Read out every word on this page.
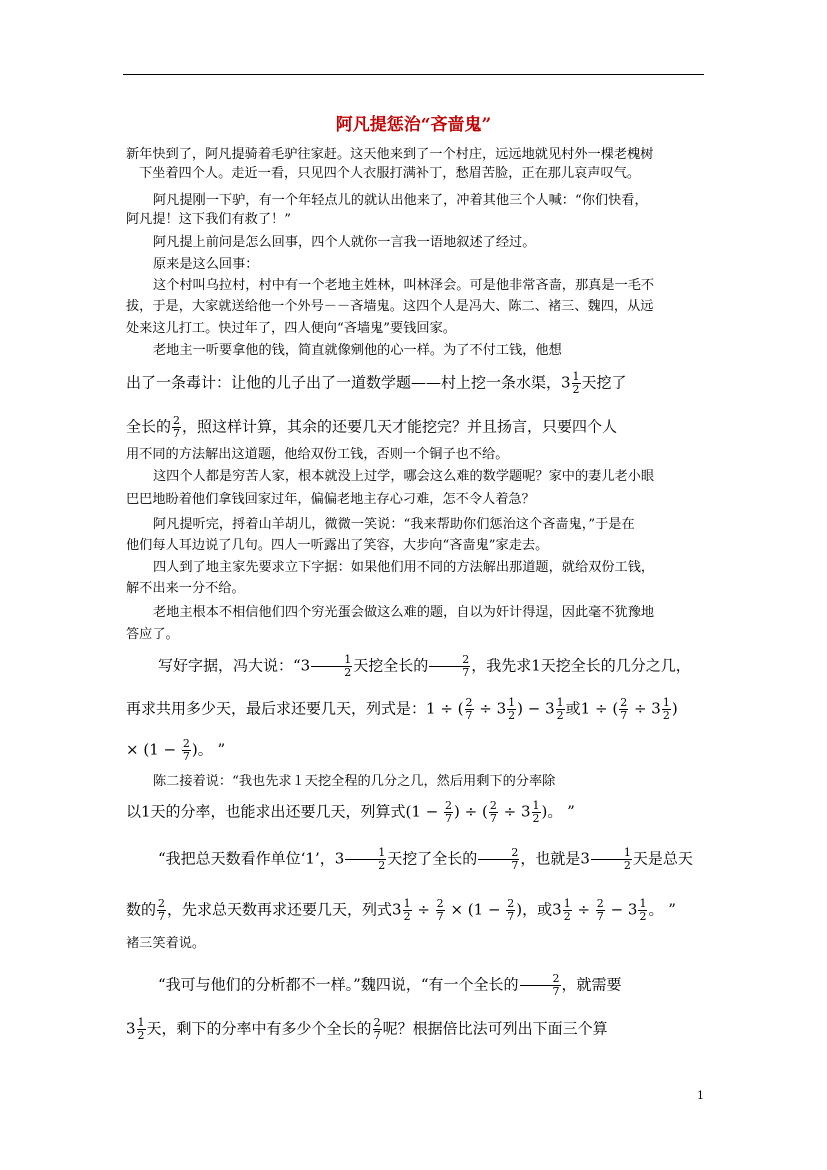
阿凡提惩治“吝啬鬼”
新年快到了，阿凡提骑着毛驴往家赶。这天他来到了一个村庄，远远地就见村外一棵老槐树
下坐着四个人。走近一看，只见四个人衣服打满补丁，愁眉苦脸，正在那儿哀声叹气。
阿凡提刚一下驴，有一个年轻点儿的就认出他来了，冲着其他三个人喊：“你们快看，
阿凡提！这下我们有救了！”
阿凡提上前问是怎么回事，四个人就你一言我一语地叙述了经过。
原来是这么回事：
这个村叫乌拉村，村中有一个老地主姓林，叫林泽会。可是他非常吝啬，那真是一毛不
拔，于是，大家就送给他一个外号－－吝墙鬼。这四个人是冯大、陈二、褚三、魏四，从远
处来这儿打工。快过年了，四人便向“吝墙鬼”要钱回家。
老地主一听要拿他的钱，简直就像剜他的心一样。为了不付工钱，他想
出了一条毒计：让他的儿子出了一道数学题——村上挖一条水渠，$3 \frac{1}{2}$ 天挖了
全长的 $\frac{2}{7}$ ，照这样计算，其余的还要几天才能挖完？并且扬言，只要四个人
用不同的方法解出这道题，他给双份工钱，否则一个铜子也不给。
这四个人都是穷苦人家，根本就没上过学，哪会这么难的数学题呢？家中的妻儿老小眼
巴巴地盼着他们拿钱回家过年，偏偏老地主存心刁难，怎不令人着急？
阿凡提听完，捋着山羊胡儿，微微一笑说：“我来帮助你们惩治这个吝啬鬼，”于是在
他们每人耳边说了几句。四人一听露出了笑容，大步向“吝啬鬼”家走去。
四人到了地主家先要求立下字据：如果他们用不同的方法解出那道题，就给双份工钱，
解不出来一分不给。
老地主根本不相信他们四个穷光蛋会做这么难的题，自以为奸计得逞，因此毫不犹豫地
答应了。
写好字据，冯大说：“$3 \frac{1}{2}$ 天挖全长的 $\frac{2}{7}$ ，我先求1天挖全长的几分之几，
再求共用多少天，最后求还要几天，列式是：1 ÷ ( $\frac{2}{7} \div 3 \frac{1}{2}$ ) − $3 \frac{1}{2}$ 或1 ÷ ( $\frac{2}{7} \div 3 \frac{1}{2}$ )
× ($1 - \frac{2}{7}$ )。 ”
陈二接着说：“我也先求１天挖全程的几分之几，然后用剩下的分率除
以1天的分率，也能求出还要几天，列算式($1 - \frac{2}{7}$ ) ÷ ( $\frac{2}{7} \div 3 \frac{1}{2}$ )。 ”
“我把总天数看作单位‘1’，$3 \frac{1}{2}$ 天挖了全长的 $\frac{2}{7}$ ，也就是$3 \frac{1}{2}$ 天是总天
数的 $\frac{2}{7}$ ，先求总天数再求还要几天，列式$3 \frac{1}{2} \div \frac{2}{7} \times (1 - \frac{2}{7}$ )，或$3 \frac{1}{2} \div \frac{2}{7} - 3 \frac{1}{2}$ 。 ”
褚三笑着说。
“我可与他们的分析都不一样。”魏四说，“有一个全长的 $\frac{2}{7}$ ，就需要
$3 \frac{1}{2}$ 天，剩下的分率中有多少个全长的 $\frac{2}{7}$ 呢？根据倍比法可列出下面三个算
1
